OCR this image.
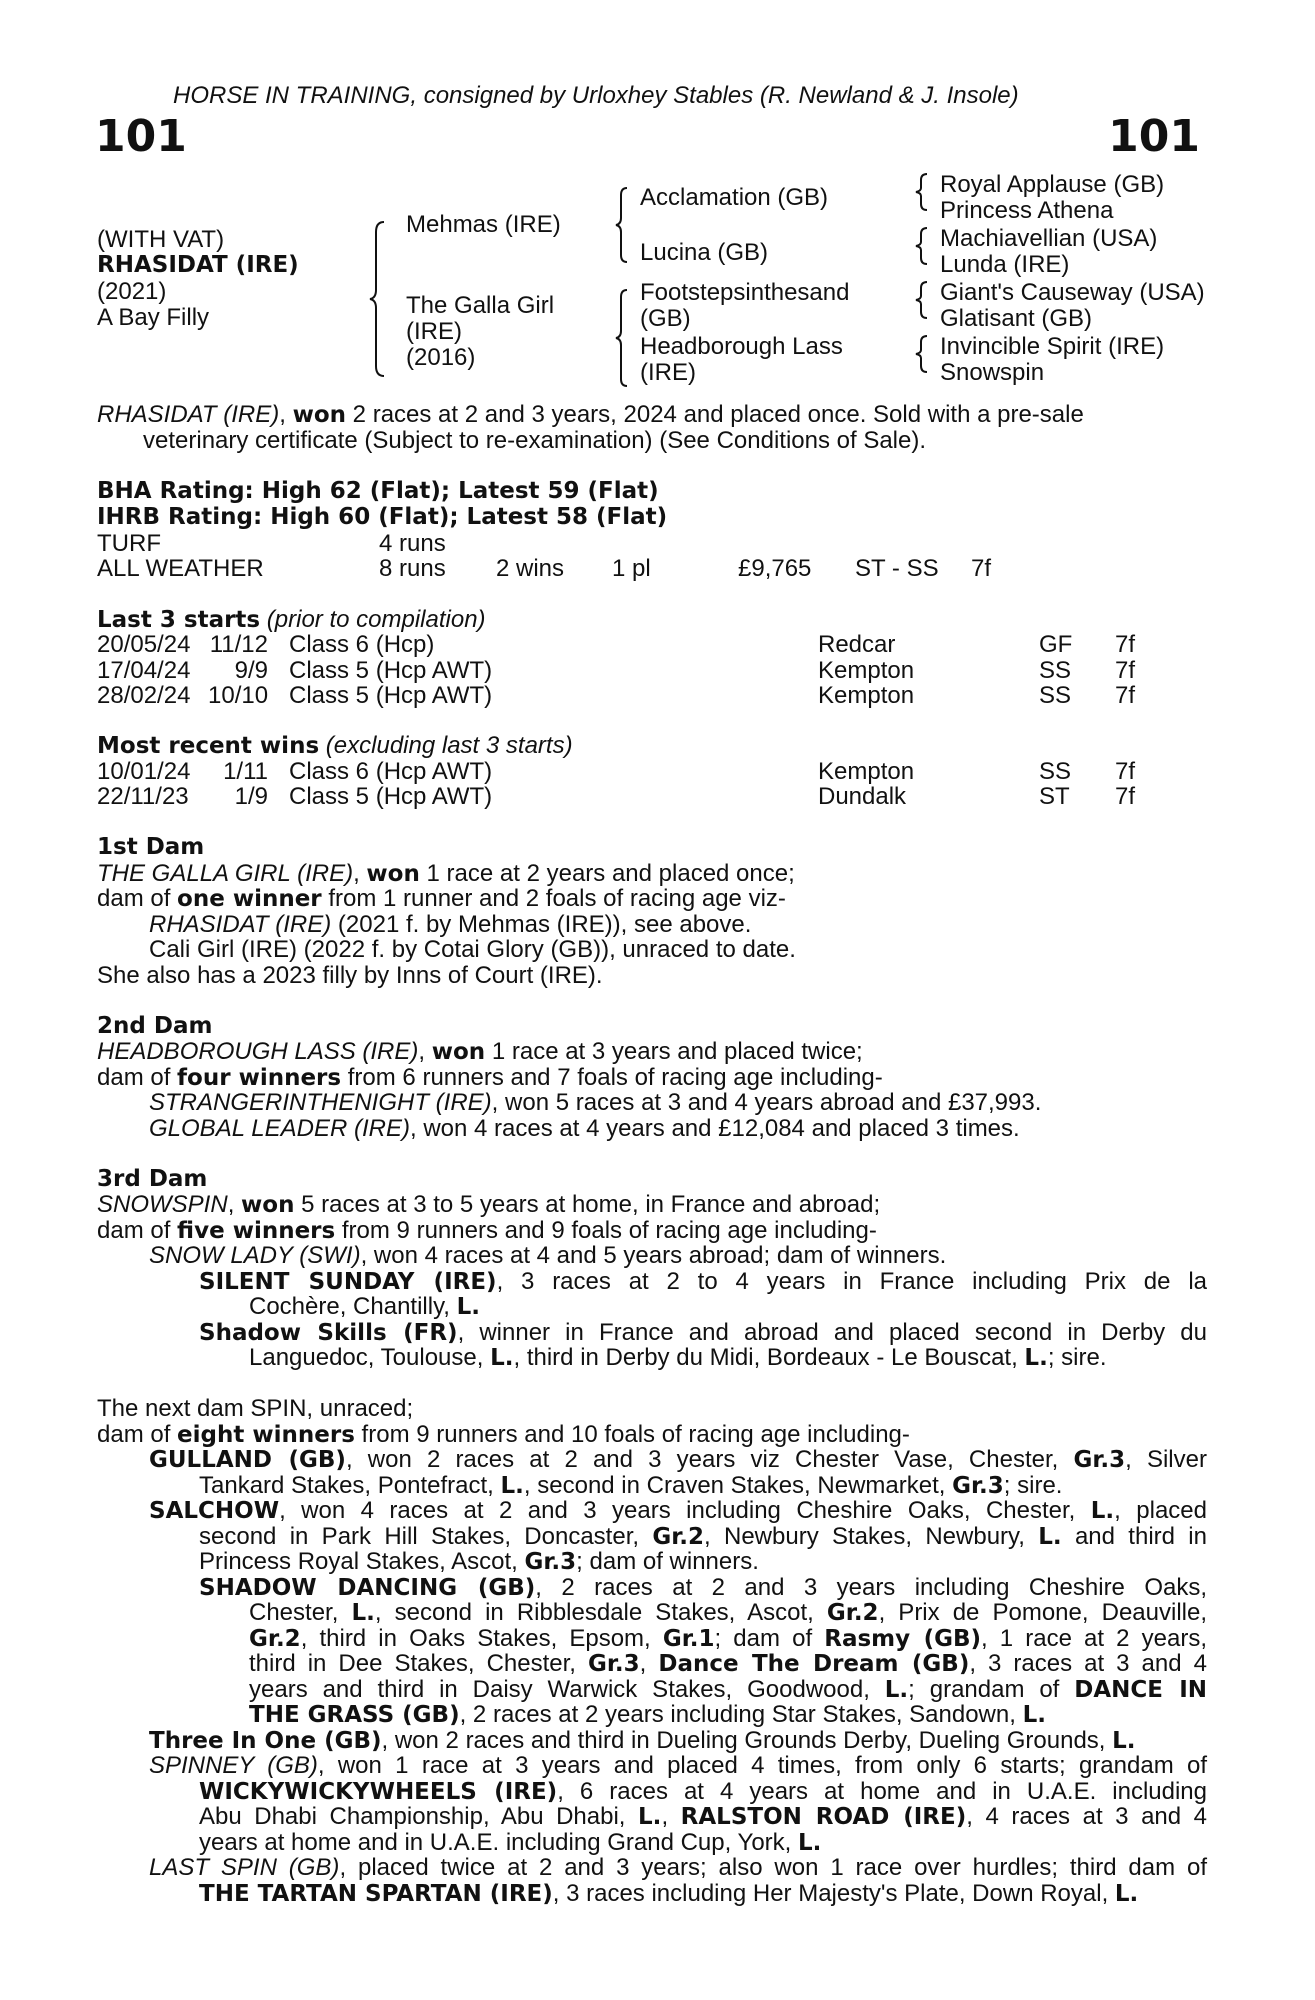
HORSE IN TRAINING, consigned by Urloxhey Stables (R. Newland & J. Insole)
101	101
(WITH VAT)
RHASIDAT (IRE)
(2021)
A Bay Filly
Mehmas (IRE)
The Galla Girl
(IRE)
(2016)
Acclamation (GB)
Lucina (GB)
Footstepsinthesand
(GB)
Headborough Lass
(IRE)
Royal Applause (GB)
Princess Athena
Machiavellian (USA)
Lunda (IRE)
Giant's Causeway (USA)
Glatisant (GB)
Invincible Spirit (IRE)
Snowspin
RHASIDAT (IRE), won 2 races at 2 and 3 years, 2024 and placed once. Sold with a pre-sale
veterinary certificate (Subject to re-examination) (See Conditions of Sale).
BHA Rating: High 62 (Flat); Latest 59 (Flat)
IHRB Rating: High 60 (Flat); Latest 58 (Flat)
TURF	4 runs
ALL WEATHER	8 runs 2 wins 1 pl	£9,765 ST - SS 7f
Last 3 starts (prior to compilation)
20/05/24 11/12 Class 6 (Hcp)	Redcar	GF 7f
17/04/24	9/9 Class 5 (Hcp AWT)	Kempton	SS 7f
28/02/24 10/10 Class 5 (Hcp AWT)	Kempton	SS 7f
Most recent wins (excluding last 3 starts)
10/01/24	1/11 Class 6 (Hcp AWT)	Kempton	SS 7f
22/11/23	1/9 Class 5 (Hcp AWT)	Dundalk	ST 7f
1st Dam
THE GALLA GIRL (IRE), won 1 race at 2 years and placed once;
dam of one winner from 1 runner and 2 foals of racing age viz-
RHASIDAT (IRE) (2021 f. by Mehmas (IRE)), see above.
Cali Girl (IRE) (2022 f. by Cotai Glory (GB)), unraced to date.
She also has a 2023 filly by Inns of Court (IRE).
2nd Dam
HEADBOROUGH LASS (IRE), won 1 race at 3 years and placed twice;
dam of four winners from 6 runners and 7 foals of racing age including-
STRANGERINTHENIGHT (IRE), won 5 races at 3 and 4 years abroad and £37,993.
GLOBAL LEADER (IRE), won 4 races at 4 years and £12,084 and placed 3 times.
3rd Dam
SNOWSPIN, won 5 races at 3 to 5 years at home, in France and abroad;
dam of five winners from 9 runners and 9 foals of racing age including-
SNOW LADY (SWI), won 4 races at 4 and 5 years abroad; dam of winners.
SILENT SUNDAY (IRE), 3 races at 2 to 4 years in France including Prix de la
Cochère, Chantilly, L.
Shadow Skills (FR), winner in France and abroad and placed second in Derby du
Languedoc, Toulouse, L., third in Derby du Midi, Bordeaux - Le Bouscat, L.; sire.
The next dam SPIN, unraced;
dam of eight winners from 9 runners and 10 foals of racing age including-
GULLAND (GB), won 2 races at 2 and 3 years viz Chester Vase, Chester, Gr.3, Silver
Tankard Stakes, Pontefract, L., second in Craven Stakes, Newmarket, Gr.3; sire.
SALCHOW, won 4 races at 2 and 3 years including Cheshire Oaks, Chester, L., placed
second in Park Hill Stakes, Doncaster, Gr.2, Newbury Stakes, Newbury, L. and third in
Princess Royal Stakes, Ascot, Gr.3; dam of winners.
SHADOW DANCING (GB), 2 races at 2 and 3 years including Cheshire Oaks,
Chester, L., second in Ribblesdale Stakes, Ascot, Gr.2, Prix de Pomone, Deauville,
Gr.2, third in Oaks Stakes, Epsom, Gr.1; dam of Rasmy (GB), 1 race at 2 years,
third in Dee Stakes, Chester, Gr.3, Dance The Dream (GB), 3 races at 3 and 4
years and third in Daisy Warwick Stakes, Goodwood, L.; grandam of DANCE IN
THE GRASS (GB), 2 races at 2 years including Star Stakes, Sandown, L.
Three In One (GB), won 2 races and third in Dueling Grounds Derby, Dueling Grounds, L.
SPINNEY (GB), won 1 race at 3 years and placed 4 times, from only 6 starts; grandam of
WICKYWICKYWHEELS (IRE), 6 races at 4 years at home and in U.A.E. including
Abu Dhabi Championship, Abu Dhabi, L., RALSTON ROAD (IRE), 4 races at 3 and 4
years at home and in U.A.E. including Grand Cup, York, L.
LAST SPIN (GB), placed twice at 2 and 3 years; also won 1 race over hurdles; third dam of
THE TARTAN SPARTAN (IRE), 3 races including Her Majesty's Plate, Down Royal, L.
